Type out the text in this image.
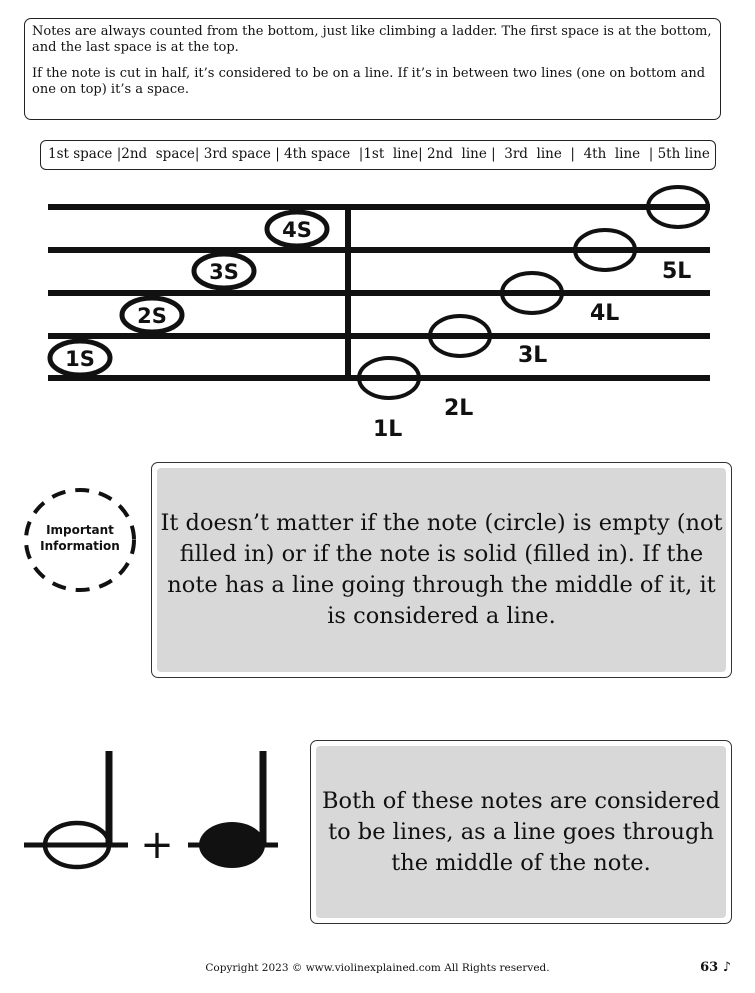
Notes are always counted from the bottom, just like climbing a ladder. The first space is at the bottom, and the last space is at the top.

If the note is cut in half, it’s considered to be on a line. If it’s in between two lines (one on bottom and one on top) it’s a space.

1st space |2nd  space| 3rd space | 4th space  |1st  line| 2nd  line |  3rd  line  |  4th  line  | 5th line
1S
2S
3S
4S
1L
2L
3L
4L
5L
Important
Information
It doesn’t matter if the note (circle) is empty (not filled in) or if the note is solid (filled in). If the note has a line going through the middle of it, it is considered a line.
+
Both of these notes are considered to be lines, as a line goes through the middle of the note.
Copyright 2023 © www.violinexplained.com All Rights reserved.	63 ♪
